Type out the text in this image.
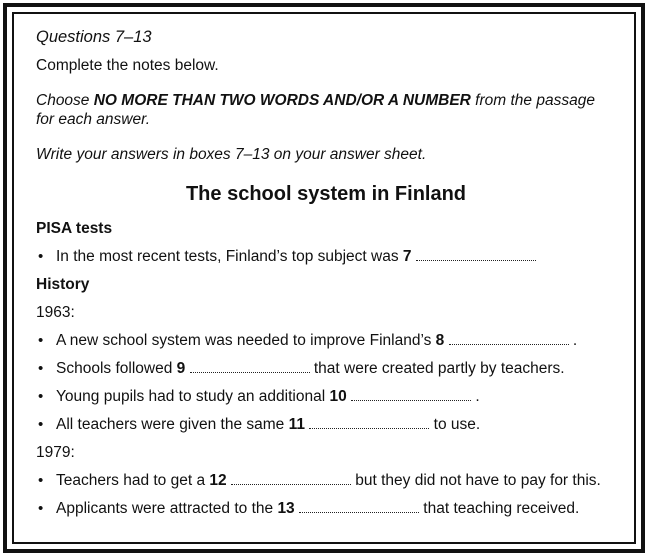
Questions 7–13

Complete the notes below.

Choose NO MORE THAN TWO WORDS AND/OR A NUMBER from the passage for each answer.

Write your answers in boxes 7–13 on your answer sheet.

The school system in Finland
PISA tests
• In the most recent tests, Finland’s top subject was 7
History
1963:
• A new school system was needed to improve Finland’s 8	.
• Schools followed 9	that were created partly by teachers.
• Young pupils had to study an additional 10	.
• All teachers were given the same 11	to use.
1979:
• Teachers had to get a 12	but they did not have to pay for this.
• Applicants were attracted to the 13	that teaching received.
